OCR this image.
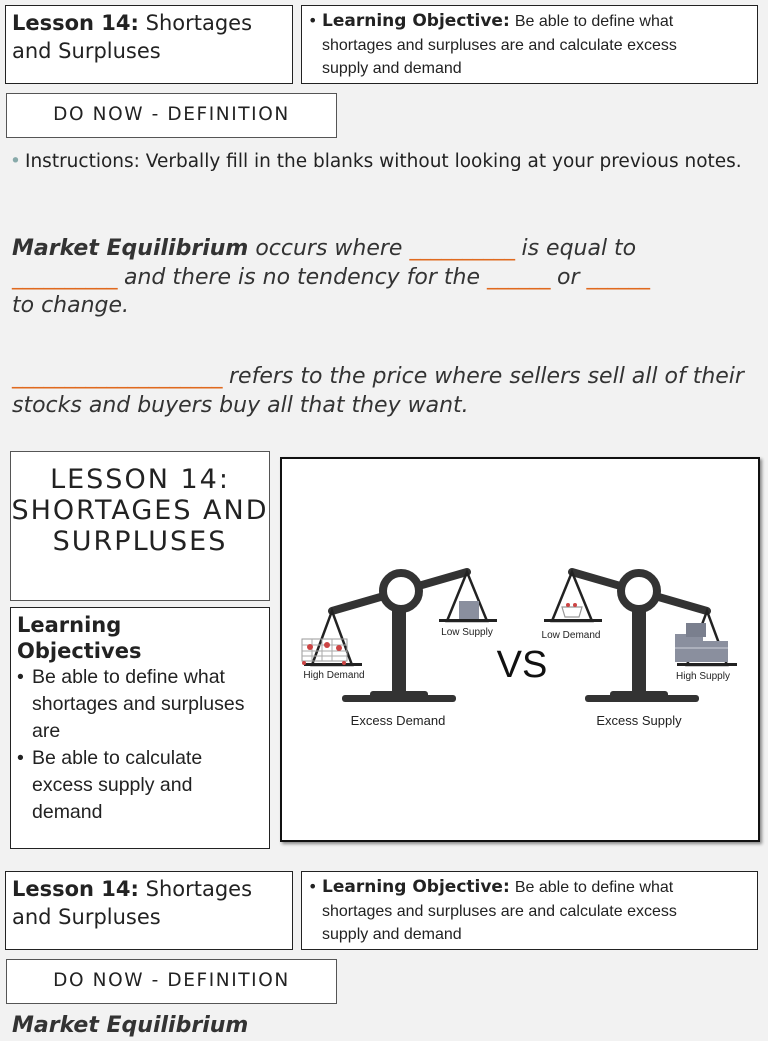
Lesson 14: Shortages and Surpluses
• Learning Objective: Be able to define what
shortages and surpluses are and calculate excess
supply and demand
DO NOW - DEFINITION
• Instructions: Verbally fill in the blanks without looking at your previous notes.
Market Equilibrium occurs where __________ is equal to
__________ and there is no tendency for the ______ or ______
to change.
____________________ refers to the price where sellers sell all of their stocks and buyers buy all that they want.
LESSON 14: SHORTAGES AND SURPLUSES
Learning
Objectives
• Be able to define what shortages and surpluses are
• Be able to calculate excess supply and demand
Low Supply
High Demand
Excess Demand
VS
Low Demand
High Supply
Excess Supply
Lesson 14: Shortages and Surpluses
• Learning Objective: Be able to define what
shortages and surpluses are and calculate excess
supply and demand
DO NOW - DEFINITION
Market Equilibrium
